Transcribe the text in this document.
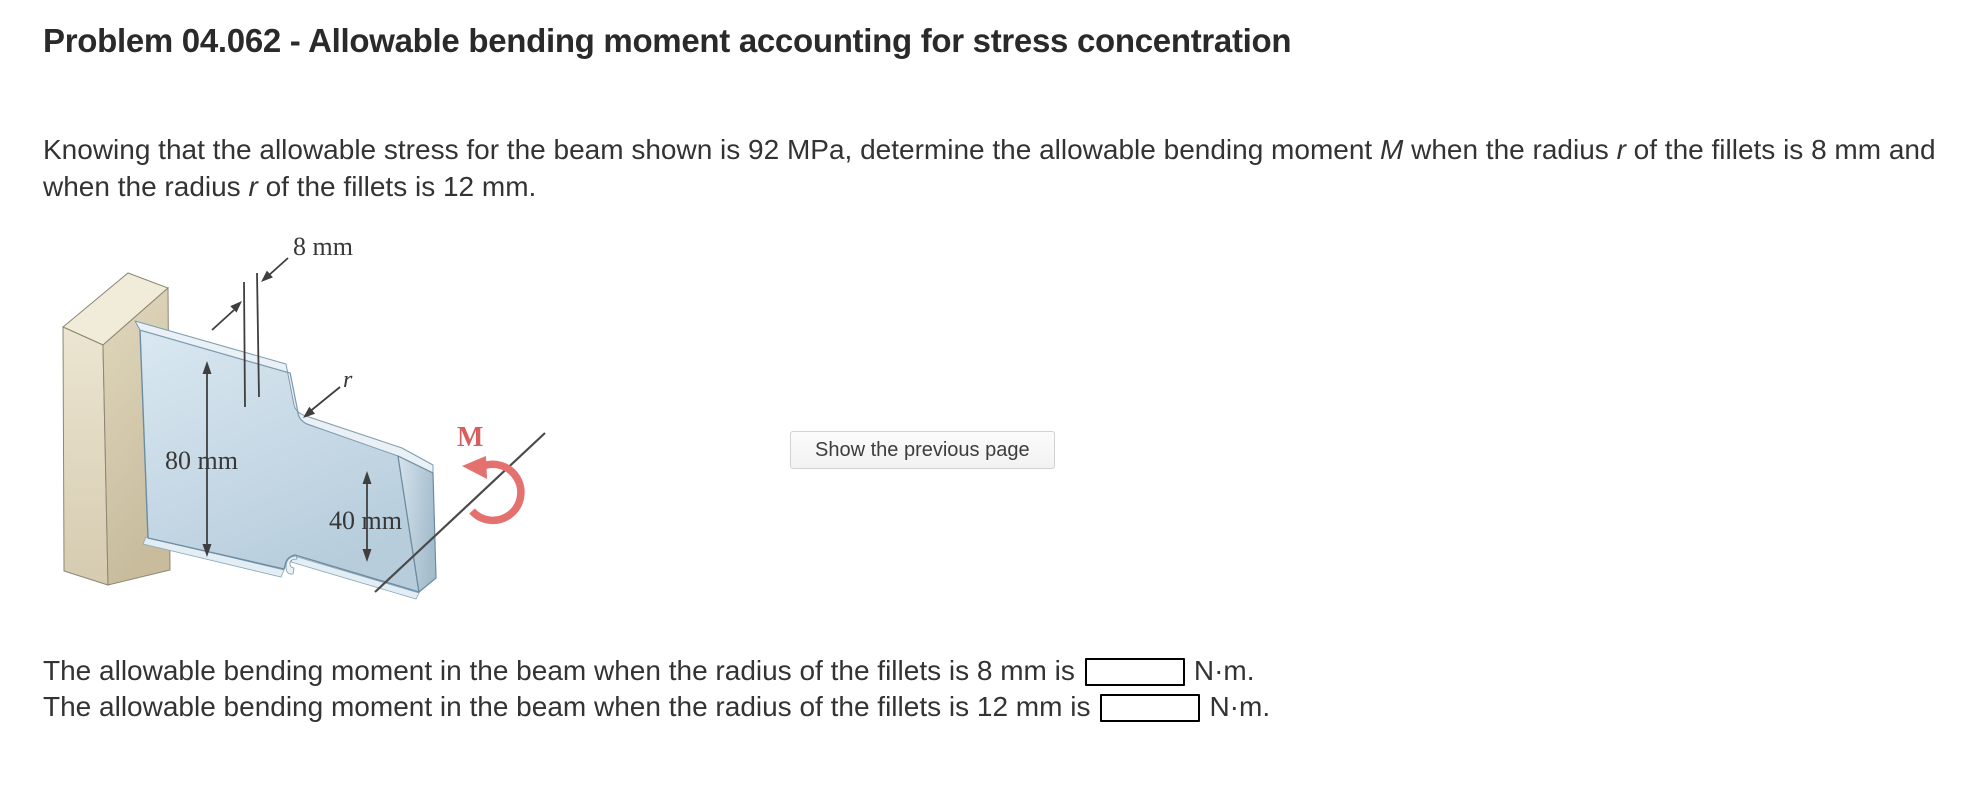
Problem 04.062 - Allowable bending moment accounting for stress concentration
Knowing that the allowable stress for the beam shown is 92 MPa, determine the allowable bending moment M when the radius r of the fillets is 8 mm and when the radius r of the fillets is 12 mm.
8 mm
r
80 mm
40 mm
M	Show the previous page
The allowable bending moment in the beam when the radius of the fillets is 8 mm is	N·m.
The allowable bending moment in the beam when the radius of the fillets is 12 mm is	N·m.
